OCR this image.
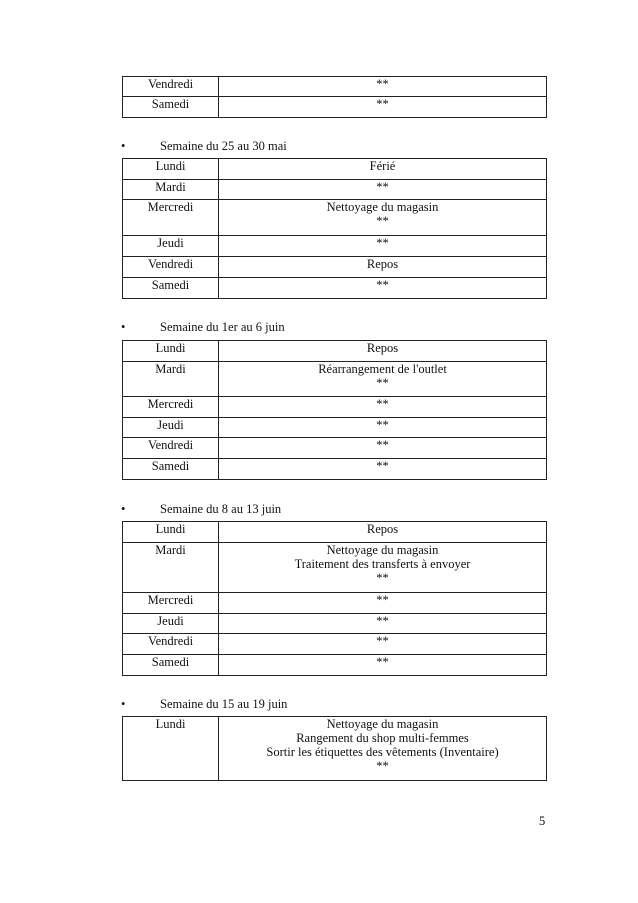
Vendredi	**

Samedi	**
•	Semaine du 25 au 30 mai
Lundi	Férié

Mardi	**

Mercredi	Nettoyage du magasin
**

Jeudi	**

Vendredi	Repos

Samedi	**
•	Semaine du 1er au 6 juin
Lundi	Repos

Mardi	Réarrangement de l'outlet
**

Mercredi	**

Jeudi	**

Vendredi	**

Samedi	**
•	Semaine du 8 au 13 juin
Lundi	Repos

Mardi	Nettoyage du magasin
Traitement des transferts à envoyer
**

Mercredi	**

Jeudi	**

Vendredi	**

Samedi	**
•	Semaine du 15 au 19 juin
Lundi	Nettoyage du magasin
Rangement du shop multi-femmes
Sortir les étiquettes des vêtements (Inventaire)
**
5
